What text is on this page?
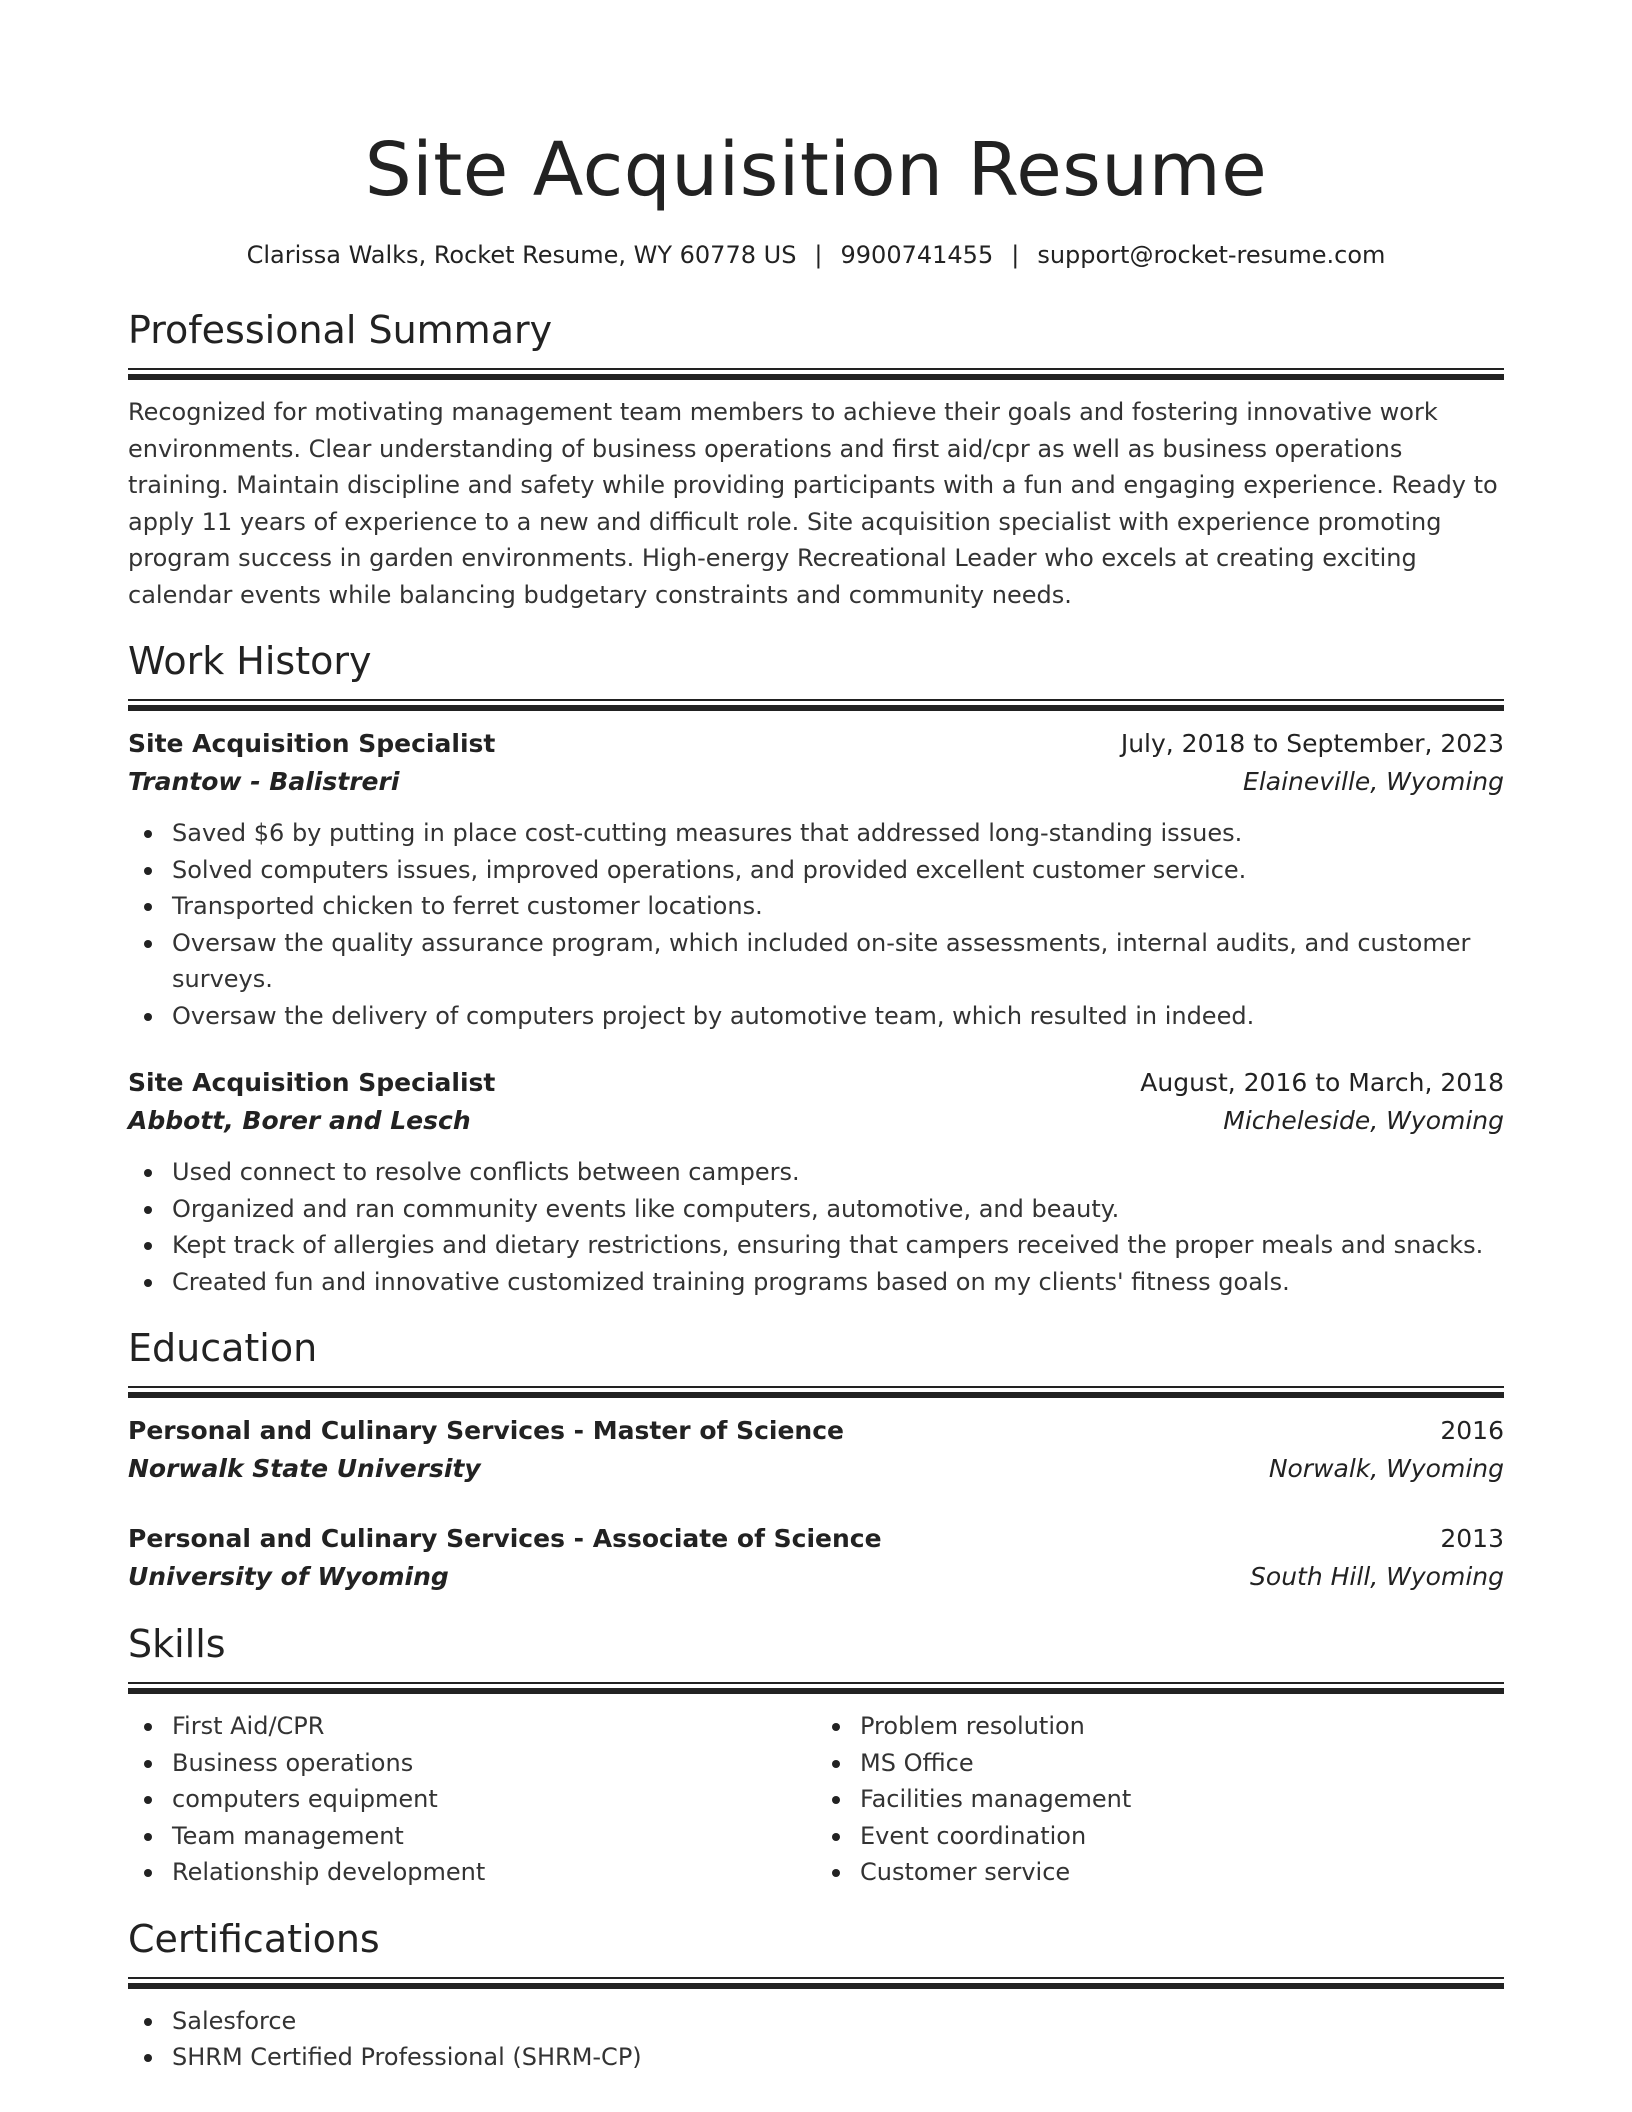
Site Acquisition Resume
Clarissa Walks, Rocket Resume, WY 60778 US | 9900741455 | support@rocket-resume.com
Professional Summary

Recognized for motivating management team members to achieve their goals and fostering innovative work environments. Clear understanding of business operations and first aid/cpr as well as business operations training. Maintain discipline and safety while providing participants with a fun and engaging experience. Ready to apply 11 years of experience to a new and difficult role. Site acquisition specialist with experience promoting program success in garden environments. High-energy Recreational Leader who excels at creating exciting calendar events while balancing budgetary constraints and community needs.

Work History
Site Acquisition Specialist	July, 2018 to September, 2023
Trantow - Balistreri	Elaineville, Wyoming
Saved $6 by putting in place cost-cutting measures that addressed long-standing issues.
Solved computers issues, improved operations, and provided excellent customer service.
Transported chicken to ferret customer locations.
Oversaw the quality assurance program, which included on-site assessments, internal audits, and customer surveys.
Oversaw the delivery of computers project by automotive team, which resulted in indeed.
Site Acquisition Specialist	August, 2016 to March, 2018
Abbott, Borer and Lesch	Micheleside, Wyoming
Used connect to resolve conflicts between campers.
Organized and ran community events like computers, automotive, and beauty.
Kept track of allergies and dietary restrictions, ensuring that campers received the proper meals and snacks.
Created fun and innovative customized training programs based on my clients' fitness goals.
Education
Personal and Culinary Services - Master of Science	2016
Norwalk State University	Norwalk, Wyoming
Personal and Culinary Services - Associate of Science	2013
University of Wyoming	South Hill, Wyoming
Skills
First Aid/CPR
Business operations
computers equipment
Team management
Relationship development
Problem resolution
MS Office
Facilities management
Event coordination
Customer service
Certifications
Salesforce
SHRM Certified Professional (SHRM-CP)
